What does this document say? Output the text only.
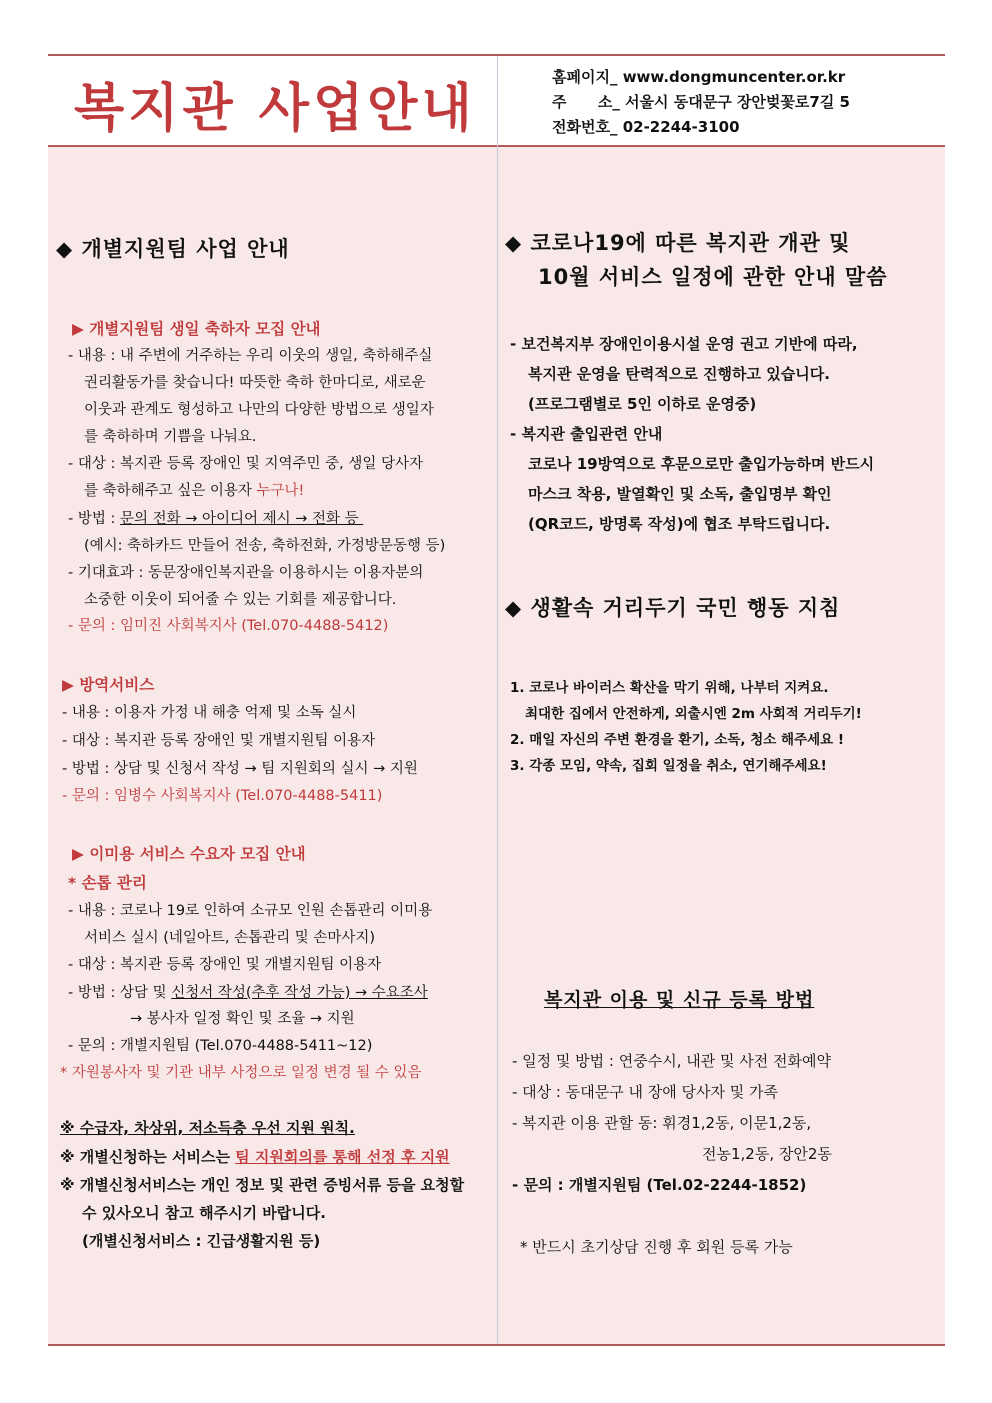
복지관 사업안내
홈페이지_ www.dongmuncenter.or.kr
주      소_ 서울시 동대문구 장안벚꽃로7길 5
전화번호_ 02-2244-3100
◆ 개별지원팀 사업 안내
▶ 개별지원팀 생일 축하자 모집 안내
- 내용 : 내 주변에 거주하는 우리 이웃의 생일, 축하해주실
권리활동가를 찾습니다! 따뜻한 축하 한마디로, 새로운
이웃과 관계도 형성하고 나만의 다양한 방법으로 생일자
를 축하하며 기쁨을 나눠요.
- 대상 : 복지관 등록 장애인 및 지역주민 중, 생일 당사자
를 축하해주고 싶은 이용자 누구나!
- 방법 : 문의 전화 → 아이디어 제시 → 전화 등
(예시: 축하카드 만들어 전송, 축하전화, 가정방문동행 등)
- 기대효과 : 동문장애인복지관을 이용하시는 이용자분의
소중한 이웃이 되어줄 수 있는 기회를 제공합니다.
- 문의 : 임미진 사회복지사 (Tel.070-4488-5412)
▶ 방역서비스
- 내용 : 이용자 가정 내 해충 억제 및 소독 실시
- 대상 : 복지관 등록 장애인 및 개별지원팀 이용자
- 방법 : 상담 및 신청서 작성 → 팀 지원회의 실시 → 지원
- 문의 : 임병수 사회복지사 (Tel.070-4488-5411)
▶ 이미용 서비스 수요자 모집 안내
* 손톱 관리
- 내용 : 코로나 19로 인하여 소규모 인원 손톱관리 이미용
서비스 실시 (네일아트, 손톱관리 및 손마사지)
- 대상 : 복지관 등록 장애인 및 개별지원팀 이용자
- 방법 : 상담 및 신청서 작성(추후 작성 가능) → 수요조사
→ 봉사자 일정 확인 및 조율 → 지원
- 문의 : 개별지원팀 (Tel.070-4488-5411~12)
* 자원봉사자 및 기관 내부 사정으로 일정 변경 될 수 있음
※ 수급자, 차상위, 저소득층 우선 지원 원칙.
※ 개별신청하는 서비스는 팀 지원회의를 통해 선정 후 지원
※ 개별신청서비스는 개인 정보 및 관련 증빙서류 등을 요청할
수 있사오니 참고 해주시기 바랍니다.
(개별신청서비스 : 긴급생활지원 등)
◆ 코로나19에 따른 복지관 개관 및
10월 서비스 일정에 관한 안내 말씀
- 보건복지부 장애인이용시설 운영 권고 기반에 따라,
복지관 운영을 탄력적으로 진행하고 있습니다.
(프로그램별로 5인 이하로 운영중)
- 복지관 출입관련 안내
코로나 19방역으로 후문으로만 출입가능하며 반드시
마스크 착용, 발열확인 및 소독, 출입명부 확인
(QR코드, 방명록 작성)에 협조 부탁드립니다.
◆ 생활속 거리두기 국민 행동 지침
1. 코로나 바이러스 확산을 막기 위해, 나부터 지켜요.
최대한 집에서 안전하게, 외출시엔 2m 사회적 거리두기!
2. 매일 자신의 주변 환경을 환기, 소독, 청소 해주세요 !
3. 각종 모임, 약속, 집회 일정을 취소, 연기해주세요!
복지관 이용 및 신규 등록 방법
- 일정 및 방법 : 연중수시, 내관 및 사전 전화예약
- 대상 : 동대문구 내 장애 당사자 및 가족
- 복지관 이용 관할 동: 휘경1,2동, 이문1,2동,
전농1,2동, 장안2동
- 문의 : 개별지원팀 (Tel.02-2244-1852)
* 반드시 초기상담 진행 후 회원 등록 가능
